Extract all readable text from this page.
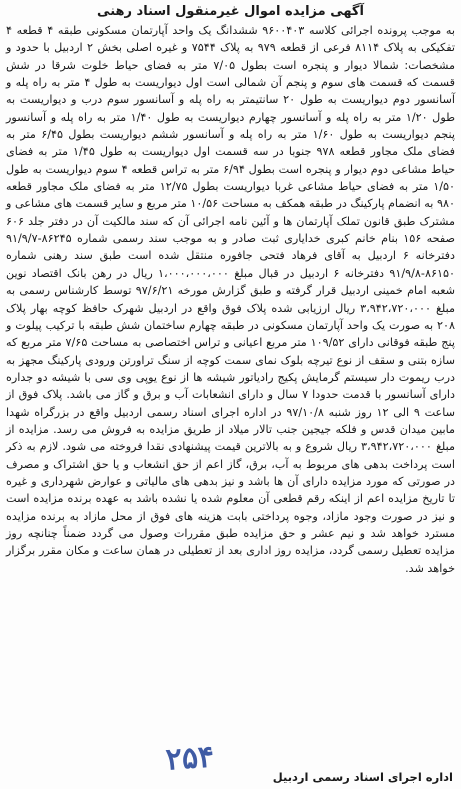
آگهی مزایده اموال غیرمنقول اسناد رهنی

به موجب پرونده اجرائی کلاسه ۹۶۰۰۴۰۳ ششدانگ یک واحد آپارتمان مسکونی طبقه ۴ قطعه ۴ تفکیکی به پلاک ۸۱۱۴ فرعی از قطعه ۹۷۹ به پلاک ۷۵۴۴ و غیره اصلی بخش ۲ اردبیل با حدود و مشخصات: شمالا دیوار و پنجره است بطول ۷/۰۵ متر به فضای حیاط خلوت شرقا در شش قسمت که قسمت های سوم و پنجم آن شمالی است اول دیواریست به طول ۴ متر به راه پله و آسانسور دوم دیواریست به طول ۲۰ سانتیمتر به راه پله و آسانسور سوم درب و دیواریست به طول ۱/۲۰ متر به راه پله و آسانسور چهارم دیواریست به طول ۱/۴۰ متر به راه پله و آسانسور پنجم دیواریست به طول ۱/۶۰ متر به راه پله و آسانسور ششم دیواریست بطول ۶/۴۵ متر به فضای ملک مجاور قطعه ۹۷۸ جنوبا در سه قسمت اول دیواریست به طول ۱/۴۵ متر به فضای حیاط مشاعی دوم دیوار و پنجره است بطول ۶/۹۴ متر به تراس قطعه ۴ سوم دیواریست به طول ۱/۵۰ متر به فضای حیاط مشاعی غربا دیواریست بطول ۱۲/۷۵ متر به فضای ملک مجاور قطعه ۹۸۰ به انضمام پارکینگ در طبقه همکف به مساحت ۱۰/۵۶ متر مربع و سایر قسمت های مشاعی و مشترک طبق قانون تملک آپارتمان ها و آئین نامه اجرائی آن که سند مالکیت آن در دفتر جلد ۶۰۶ صفحه ۱۵۶ بنام خانم کبری خدایاری ثبت صادر و به موجب سند رسمی شماره ۸۶۲۴۵-۹۱/۹/۷ دفترخانه ۶ اردبیل به آقای فرهاد فتحی جافوره منتقل شده است طبق سند رهنی شماره ۸۶۱۵۰-۹۱/۹/۸ دفترخانه ۶ اردبیل در قبال مبلغ ۱،۰۰۰،۰۰۰،۰۰۰ ریال در رهن بانک اقتصاد نوین شعبه امام خمینی اردبیل قرار گرفته و طبق گزارش مورخه ۹۷/۶/۲۱ توسط کارشناس رسمی به مبلغ ۳،۹۴۲،۷۲۰،۰۰۰ ریال ارزیابی شده پلاک فوق واقع در اردبیل شهرک حافظ کوچه بهار پلاک ۲۰۸ به صورت یک واحد آپارتمان مسکونی در طبقه چهارم ساختمان شش طبقه با ترکیب پیلوت و پنج طبقه فوقانی دارای ۱۰۹/۵۲ متر مربع اعیانی و تراس اختصاصی به مساحت ۷/۶۵ متر مربع که سازه بتنی و سقف از نوع تیرچه بلوک نمای سمت کوچه از سنگ تراورتن ورودی پارکینگ مجهز به درب ریموت دار سیستم گرمایش پکیج رادیاتور شیشه ها از نوع یوپی وی سی با شیشه دو جداره دارای آسانسور با قدمت حدودا ۷ سال و دارای انشعابات آب و برق و گاز می باشد. پلاک فوق از ساعت ۹ الی ۱۲ روز شنبه ۹۷/۱۰/۸ در اداره اجرای اسناد رسمی اردبیل واقع در بزرگراه شهدا مابین میدان قدس و فلکه جیجین جنب تالار میلاد از طریق مزایده به فروش می رسد. مزایده از مبلغ ۳،۹۴۲،۷۲۰،۰۰۰ ریال شروع و به بالاترین قیمت پیشنهادی نقدا فروخته می شود. لازم به ذکر است پرداخت بدهی های مربوط به آب، برق، گاز اعم از حق انشعاب و یا حق اشتراک و مصرف در صورتی که مورد مزایده دارای آن ها باشد و نیز بدهی های مالیاتی و عوارض شهرداری و غیره تا تاریخ مزایده اعم از اینکه رقم قطعی آن معلوم شده یا نشده باشد به عهده برنده مزایده است و نیز در صورت وجود مازاد، وجوه پرداختی بابت هزینه های فوق از محل مازاد به برنده مزایده مسترد خواهد شد و نیم عشر و حق مزایده طبق مقررات وصول می گردد ضمناً چنانچه روز مزایده تعطیل رسمی گردد، مزایده روز اداری بعد از تعطیلی در همان ساعت و مکان مقرر برگزار خواهد شد.

۲۵۴	اداره اجرای اسناد رسمی اردبیل
